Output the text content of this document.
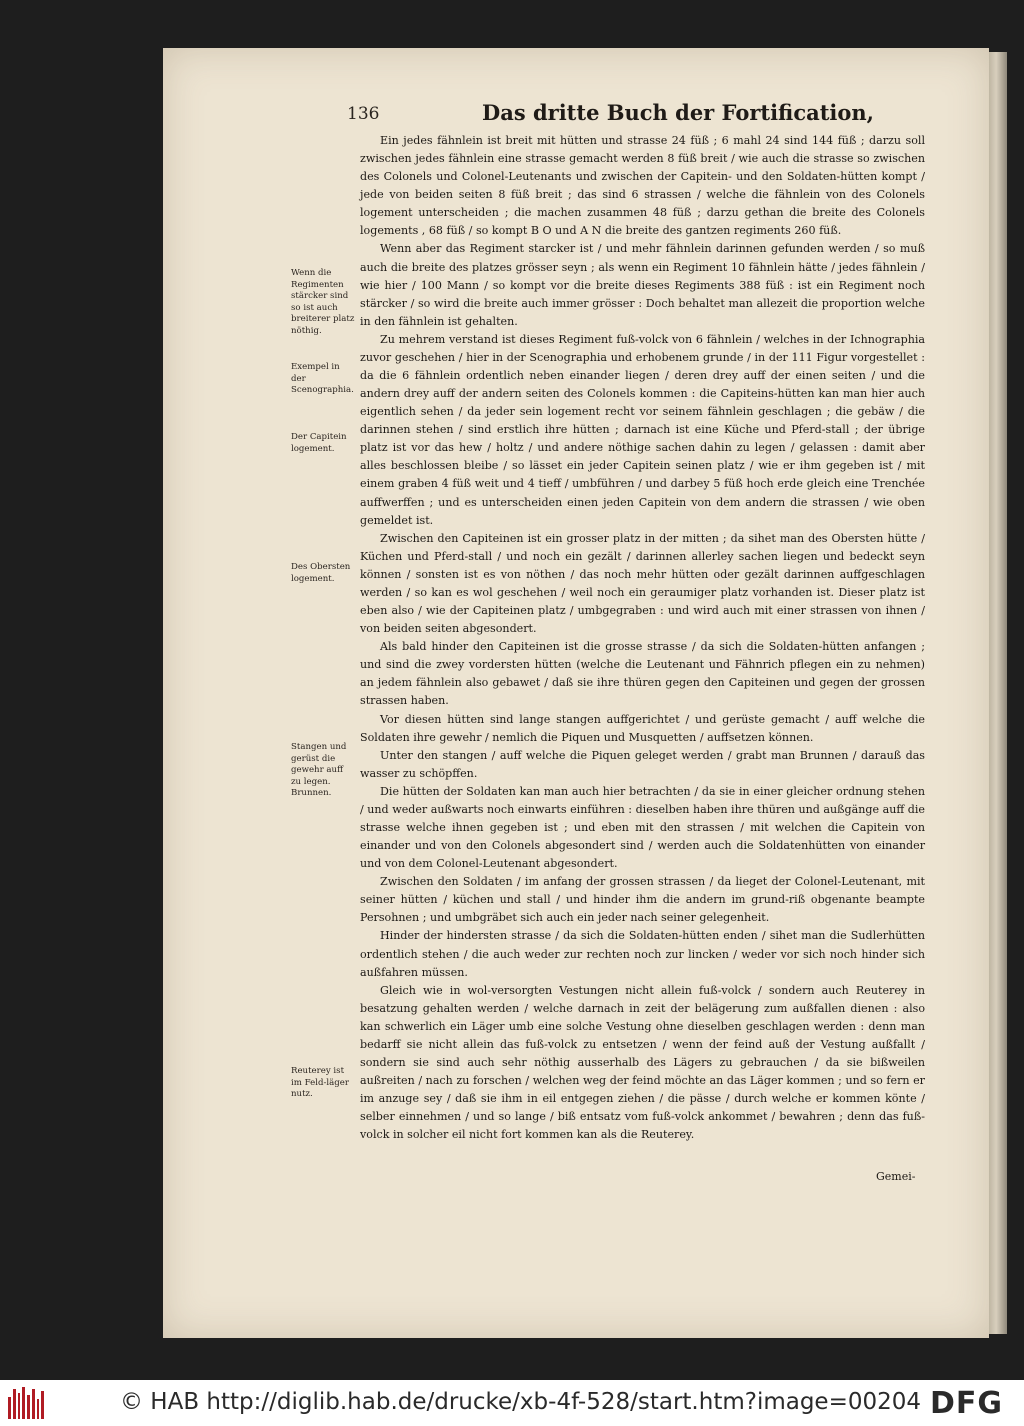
136	Das dritte Buch der Fortification,

Ein jedes fähnlein ist breit mit hütten und strasse 24 füß ; 6 mahl 24 sind 144 füß ; darzu soll zwischen jedes fähnlein eine strasse gemacht werden 8 füß breit / wie auch die strasse so zwischen des Colonels und Colonel-Leutenants und zwischen der Capitein- und den Soldaten-hütten kompt / jede von beiden seiten 8 füß breit ; das sind 6 strassen / welche die fähnlein von des Colonels logement unterscheiden ; die machen zusammen 48 füß ; darzu gethan die breite des Colonels logements , 68 füß / so kompt B O und A N die breite des gantzen regiments 260 füß.

Wenn aber das Regiment starcker ist / und mehr fähnlein darinnen gefunden werden / so muß auch die breite des platzes grösser seyn ; als wenn ein Regiment 10 fähnlein hätte / jedes fähnlein / wie hier / 100 Mann / so kompt vor die breite dieses Regiments 388 füß : ist ein Regiment noch stärcker / so wird die breite auch immer grösser : Doch behaltet man allezeit die proportion welche in den fähnlein ist gehalten.

Zu mehrem verstand ist dieses Regiment fuß-volck von 6 fähnlein / welches in der Ichnographia zuvor geschehen / hier in der Scenographia und erhobenem grunde / in der 111 Figur vorgestellet : da die 6 fähnlein ordentlich neben einander liegen / deren drey auff der einen seiten / und die andern drey auff der andern seiten des Colonels kommen : die Capiteins-hütten kan man hier auch eigentlich sehen / da jeder sein logement recht vor seinem fähnlein geschlagen ; die gebäw / die darinnen stehen / sind erstlich ihre hütten ; darnach ist eine Küche und Pferd-stall ; der übrige platz ist vor das hew / holtz / und andere nöthige sachen dahin zu legen / gelassen : damit aber alles beschlossen bleibe / so lässet ein jeder Capitein seinen platz / wie er ihm gegeben ist / mit einem graben 4 füß weit und 4 tieff / umbführen / und darbey 5 füß hoch erde gleich eine Trenchée auffwerffen ; und es unterscheiden einen jeden Capitein von dem andern die strassen / wie oben gemeldet ist.

Zwischen den Capiteinen ist ein grosser platz in der mitten ; da sihet man des Obersten hütte / Küchen und Pferd-stall / und noch ein gezält / darinnen allerley sachen liegen und bedeckt seyn können / sonsten ist es von nöthen / das noch mehr hütten oder gezält darinnen auffgeschlagen werden / so kan es wol geschehen / weil noch ein geraumiger platz vorhanden ist. Dieser platz ist eben also / wie der Capiteinen platz / umbgegraben : und wird auch mit einer strassen von ihnen / von beiden seiten abgesondert.

Als bald hinder den Capiteinen ist die grosse strasse / da sich die Soldaten-hütten anfangen ; und sind die zwey vordersten hütten (welche die Leutenant und Fähnrich pflegen ein zu nehmen) an jedem fähnlein also gebawet / daß sie ihre thüren gegen den Capiteinen und gegen der grossen strassen haben.

Vor diesen hütten sind lange stangen auffgerichtet / und gerüste gemacht / auff welche die Soldaten ihre gewehr / nemlich die Piquen und Musquetten / auffsetzen können.

Unter den stangen / auff welche die Piquen geleget werden / grabt man Brunnen / darauß das wasser zu schöpffen.

Die hütten der Soldaten kan man auch hier betrachten / da sie in einer gleicher ordnung stehen / und weder außwarts noch einwarts einführen : dieselben haben ihre thüren und außgänge auff die strasse welche ihnen gegeben ist ; und eben mit den strassen / mit welchen die Capitein von einander und von den Colonels abgesondert sind / werden auch die Soldatenhütten von einander und von dem Colonel-Leutenant abgesondert.

Zwischen den Soldaten / im anfang der grossen strassen / da lieget der Colonel-Leutenant, mit seiner hütten / küchen und stall / und hinder ihm die andern im grund-riß obgenante beampte Persohnen ; und umbgräbet sich auch ein jeder nach seiner gelegenheit.

Hinder der hindersten strasse / da sich die Soldaten-hütten enden / sihet man die Sudlerhütten ordentlich stehen / die auch weder zur rechten noch zur lincken / weder vor sich noch hinder sich außfahren müssen.

Gleich wie in wol-versorgten Vestungen nicht allein fuß-volck / sondern auch Reuterey in besatzung gehalten werden / welche darnach in zeit der belägerung zum außfallen dienen : also kan schwerlich ein Läger umb eine solche Vestung ohne dieselben geschlagen werden : denn man bedarff sie nicht allein das fuß-volck zu entsetzen / wenn der feind auß der Vestung außfallt / sondern sie sind auch sehr nöthig ausserhalb des Lägers zu gebrauchen / da sie bißweilen außreiten / nach zu forschen / welchen weg der feind möchte an das Läger kommen ; und so fern er im anzuge sey / daß sie ihm in eil entgegen ziehen / die pässe / durch welche er kommen könte / selber einnehmen / und so lange / biß entsatz vom fuß-volck ankommet / bewahren ; denn das fuß-volck in solcher eil nicht fort kommen kan als die Reuterey.

Wenn die Regimenten stärcker sind so ist auch breiterer platz nöthig.
Exempel in der Scenographia.
Der Capitein logement.
Des Obersten logement.
Stangen und gerüst die gewehr auff zu legen. Brunnen.
Reuterey ist im Feld-läger nutz.
Gemei-
© HAB http://diglib.hab.de/drucke/xb-4f-528/start.htm?image=00204 DFG
